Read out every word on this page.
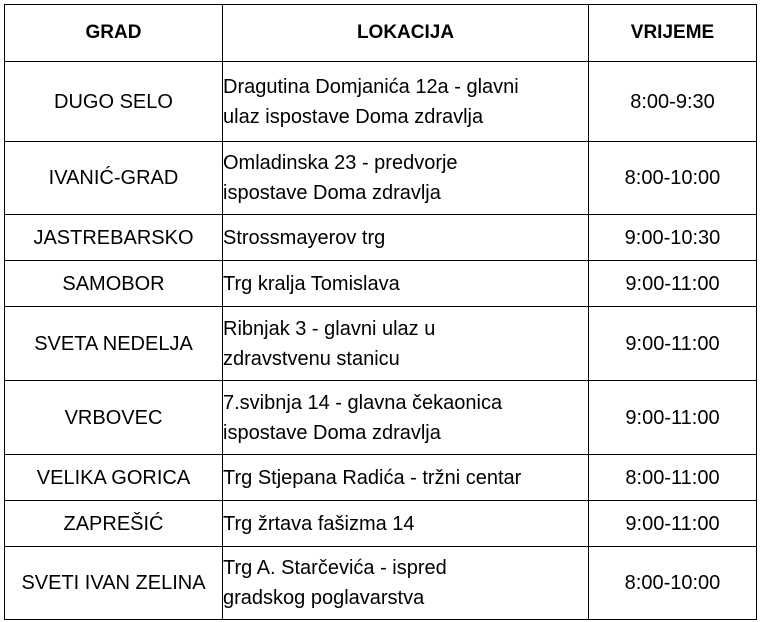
GRAD	LOKACIJA	VRIJEME
DUGO SELO	Dragutina Domjanića 12a - glavni
ulaz ispostave Doma zdravlja	8:00-9:30
IVANIĆ-GRAD	Omladinska 23 - predvorje
ispostave Doma zdravlja	8:00-10:00
JASTREBARSKO	Strossmayerov trg	9:00-10:30
SAMOBOR	Trg kralja Tomislava	9:00-11:00
SVETA NEDELJA	Ribnjak 3 - glavni ulaz u
zdravstvenu stanicu	9:00-11:00
VRBOVEC	7.svibnja 14 - glavna čekaonica
ispostave Doma zdravlja	9:00-11:00
VELIKA GORICA	Trg Stjepana Radića - tržni centar	8:00-11:00
ZAPREŠIĆ	Trg žrtava fašizma 14	9:00-11:00
SVETI IVAN ZELINA	Trg A. Starčevića - ispred
gradskog poglavarstva	8:00-10:00
